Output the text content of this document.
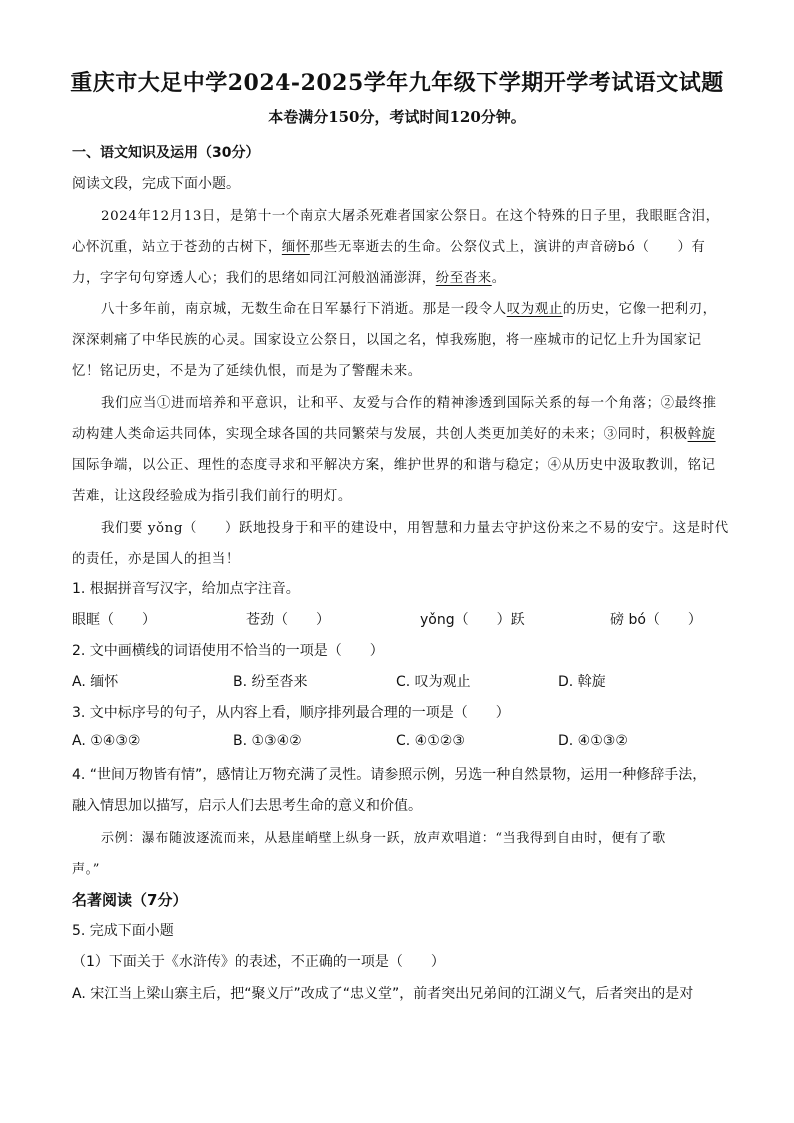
重庆市大足中学2024-2025学年九年级下学期开学考试语文试题
本卷满分150分，考试时间120分钟。
一、语文知识及运用（30分）
阅读文段，完成下面小题。
2024年12月13日，是第十一个南京大屠杀死难者国家公祭日。在这个特殊的日子里，我眼眶含泪，
心怀沉重，站立于苍劲的古树下，缅怀那些无辜逝去的生命。公祭仪式上，演讲的声音磅bó（　　）有
力，字字句句穿透人心；我们的思绪如同江河般汹涌澎湃，纷至沓来。
八十多年前，南京城，无数生命在日军暴行下消逝。那是一段令人叹为观止的历史，它像一把利刃，
深深刺痛了中华民族的心灵。国家设立公祭日，以国之名，悼我殇胞，将一座城市的记忆上升为国家记
忆！铭记历史，不是为了延续仇恨，而是为了警醒未来。
我们应当①进而培养和平意识，让和平、友爱与合作的精神渗透到国际关系的每一个角落；②最终推
动构建人类命运共同体，实现全球各国的共同繁荣与发展，共创人类更加美好的未来；③同时，积极斡旋
国际争端，以公正、理性的态度寻求和平解决方案，维护世界的和谐与稳定；④从历史中汲取教训，铭记
苦难，让这段经验成为指引我们前行的明灯。
我们要 yǒng（　　）跃地投身于和平的建设中，用智慧和力量去守护这份来之不易的安宁。这是时代
的责任，亦是国人的担当！
1. 根据拼音写汉字，给加点字注音。
眼眶（　　）	苍劲（　　）	yǒng（　　）跃	磅 bó（　　）
2. 文中画横线的词语使用不恰当的一项是（　　）
A. 缅怀	B. 纷至沓来	C. 叹为观止	D. 斡旋
3. 文中标序号的句子，从内容上看，顺序排列最合理的一项是（　　）
A. ①④③②	B. ①③④②	C. ④①②③	D. ④①③②
4. “世间万物皆有情”，感情让万物充满了灵性。请参照示例，另选一种自然景物，运用一种修辞手法，
融入情思加以描写，启示人们去思考生命的意义和价值。
示例：瀑布随波逐流而来，从悬崖峭壁上纵身一跃，放声欢唱道：“当我得到自由时，便有了歌
声。”
名著阅读（7分）
5. 完成下面小题
（1）下面关于《水浒传》的表述，不正确的一项是（　　）
A. 宋江当上梁山寨主后，把“聚义厅”改成了“忠义堂”，前者突出兄弟间的江湖义气，后者突出的是对
